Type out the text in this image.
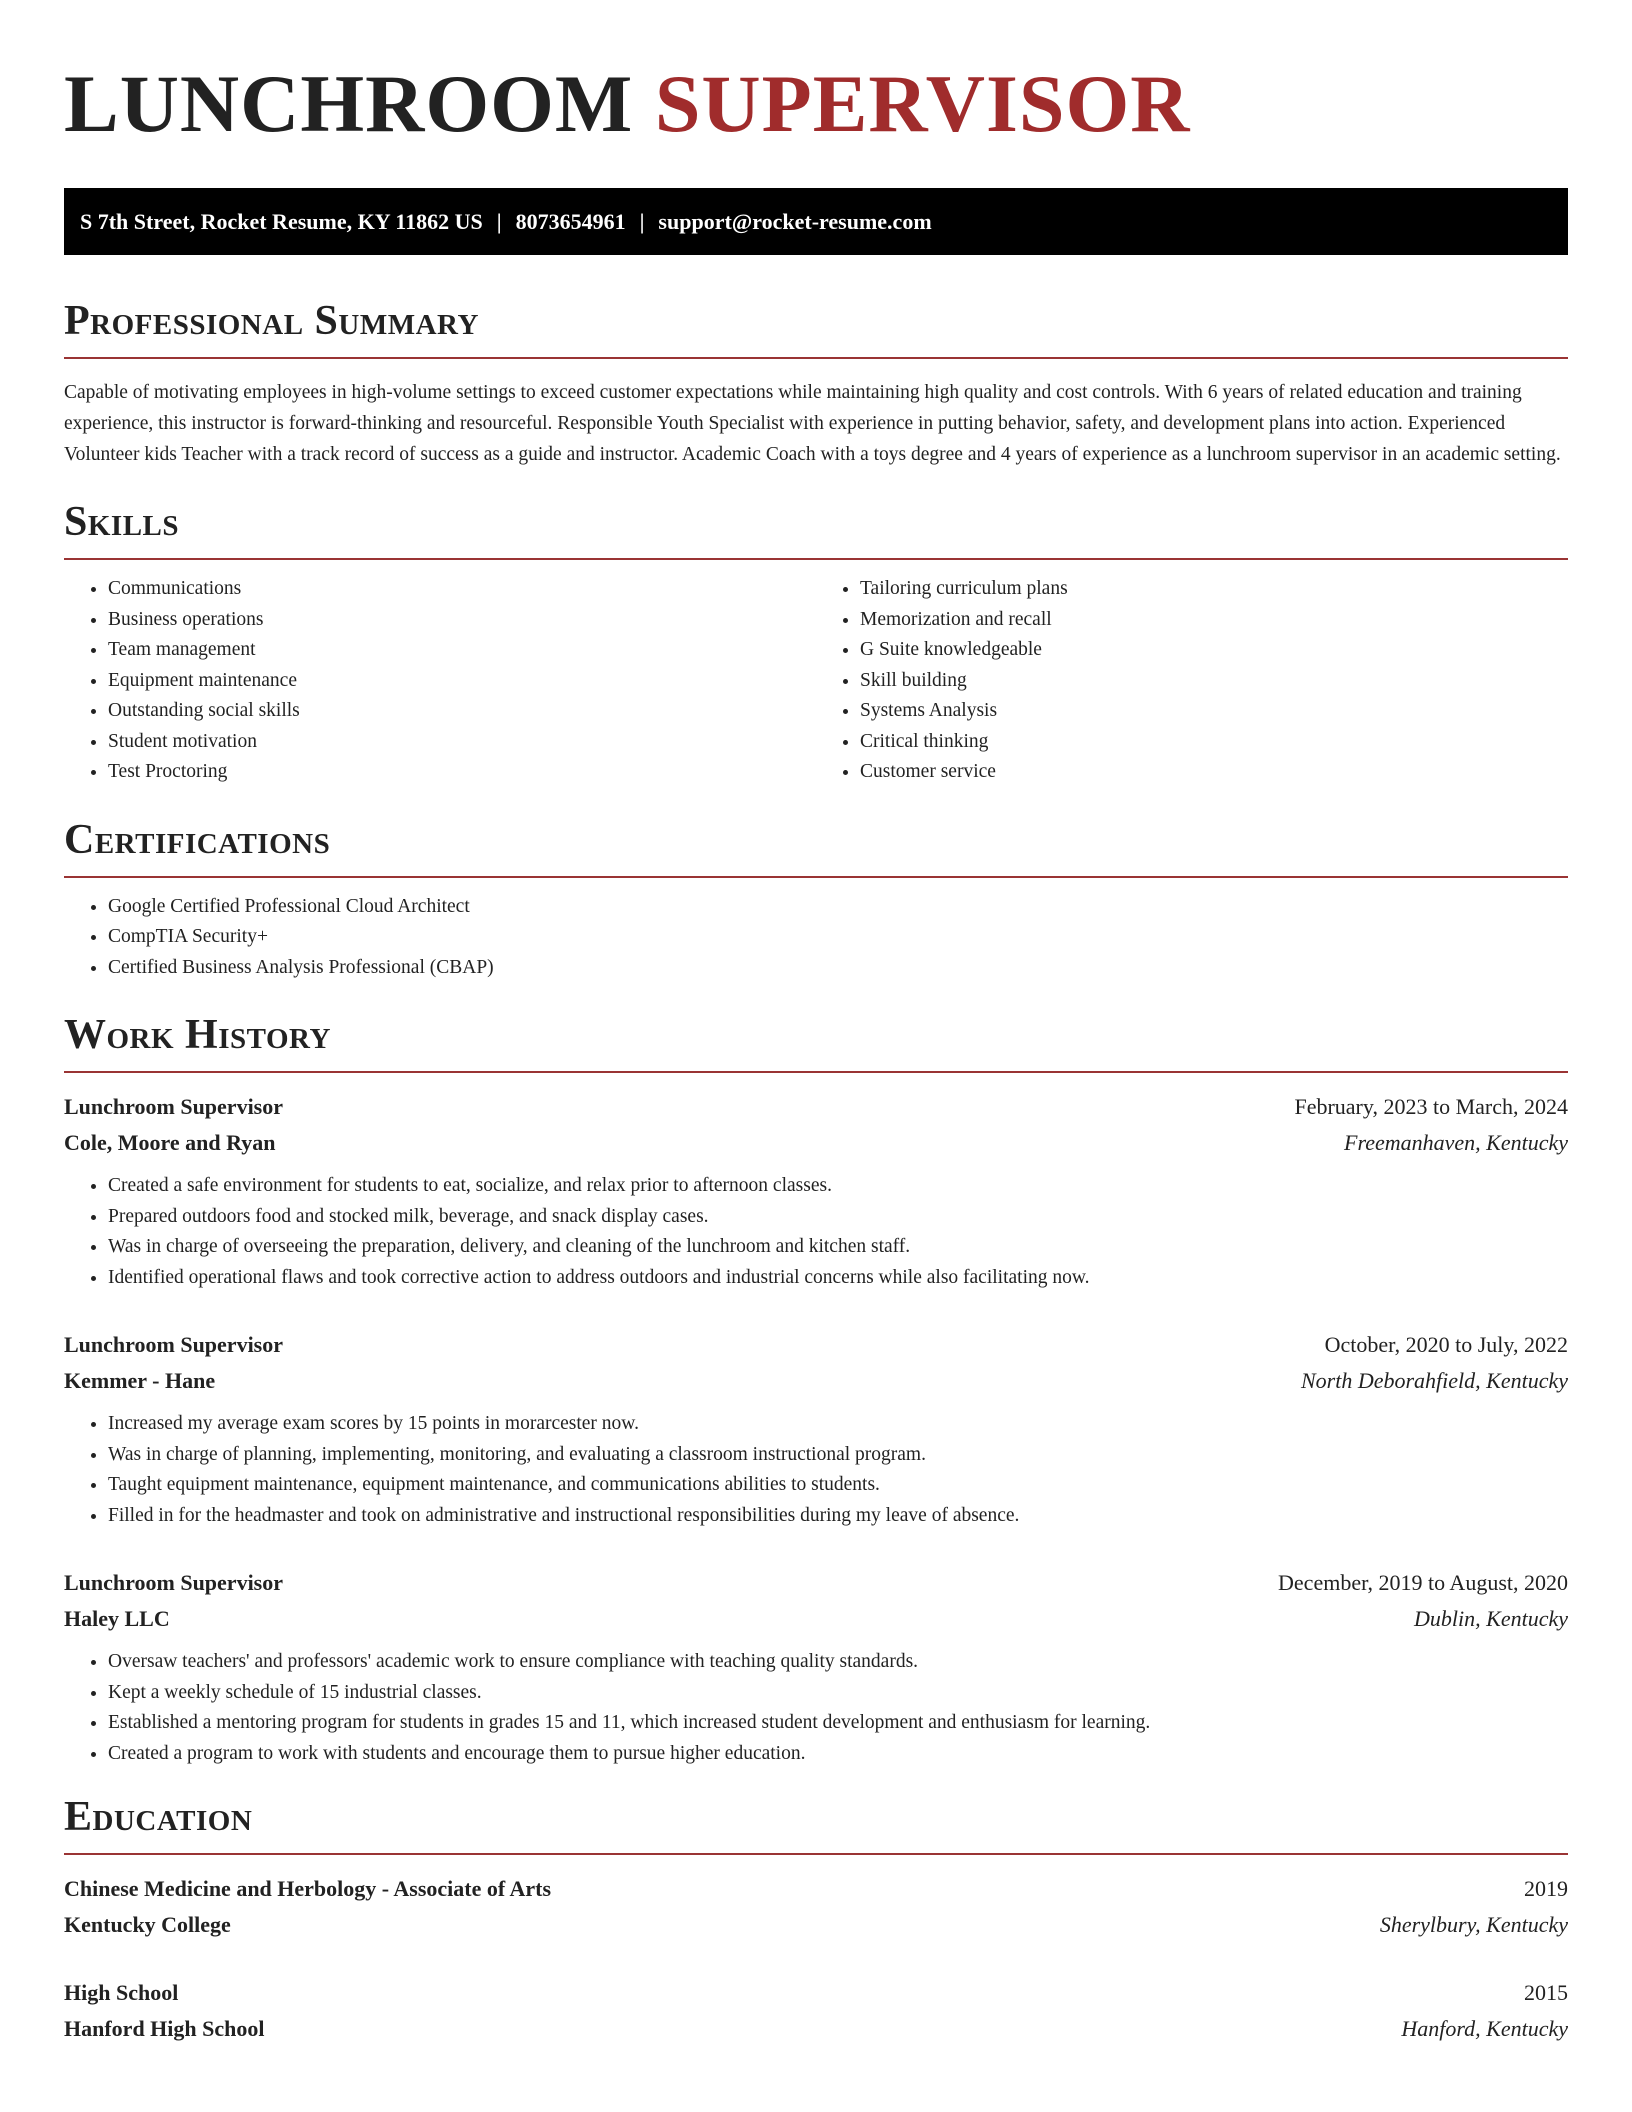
LUNCHROOM SUPERVISOR
S 7th Street, Rocket Resume, KY 11862 US | 8073654961 | support@rocket-resume.com
Professional Summary

Capable of motivating employees in high-volume settings to exceed customer expectations while maintaining high quality and cost controls. With 6 years of related education and training experience, this instructor is forward-thinking and resourceful. Responsible Youth Specialist with experience in putting behavior, safety, and development plans into action. Experienced Volunteer kids Teacher with a track record of success as a guide and instructor. Academic Coach with a toys degree and 4 years of experience as a lunchroom supervisor in an academic setting.

Skills
• Communications
• Business operations
• Team management
• Equipment maintenance
• Outstanding social skills
• Student motivation
• Test Proctoring
• Tailoring curriculum plans
• Memorization and recall
• G Suite knowledgeable
• Skill building
• Systems Analysis
• Critical thinking
• Customer service
Certifications
• Google Certified Professional Cloud Architect
• CompTIA Security+
• Certified Business Analysis Professional (CBAP)
Work History
Lunchroom Supervisor	February, 2023 to March, 2024
Cole, Moore and Ryan	Freemanhaven, Kentucky
• Created a safe environment for students to eat, socialize, and relax prior to afternoon classes.
• Prepared outdoors food and stocked milk, beverage, and snack display cases.
• Was in charge of overseeing the preparation, delivery, and cleaning of the lunchroom and kitchen staff.
• Identified operational flaws and took corrective action to address outdoors and industrial concerns while also facilitating now.
Lunchroom Supervisor	October, 2020 to July, 2022
Kemmer - Hane	North Deborahfield, Kentucky
• Increased my average exam scores by 15 points in morarcester now.
• Was in charge of planning, implementing, monitoring, and evaluating a classroom instructional program.
• Taught equipment maintenance, equipment maintenance, and communications abilities to students.
• Filled in for the headmaster and took on administrative and instructional responsibilities during my leave of absence.
Lunchroom Supervisor	December, 2019 to August, 2020
Haley LLC	Dublin, Kentucky
• Oversaw teachers' and professors' academic work to ensure compliance with teaching quality standards.
• Kept a weekly schedule of 15 industrial classes.
• Established a mentoring program for students in grades 15 and 11, which increased student development and enthusiasm for learning.
• Created a program to work with students and encourage them to pursue higher education.
Education
Chinese Medicine and Herbology - Associate of Arts	2019
Kentucky College	Sherylbury, Kentucky
High School	2015
Hanford High School	Hanford, Kentucky
